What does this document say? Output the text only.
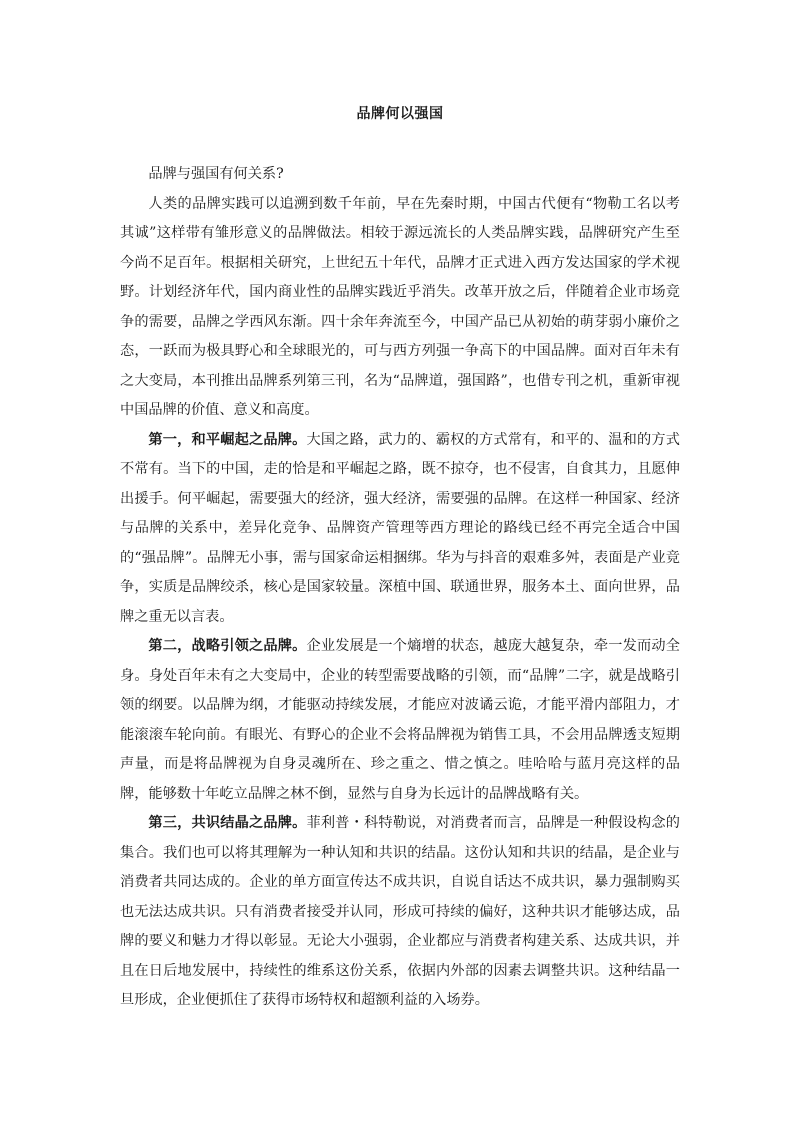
品牌何以强国

品牌与强国有何关系?

人类的品牌实践可以追溯到数千年前，早在先秦时期，中国古代便有“物勒工名以考其诚”这样带有雏形意义的品牌做法。相较于源远流长的人类品牌实践，品牌研究产生至今尚不足百年。根据相关研究，上世纪五十年代，品牌才正式进入西方发达国家的学术视野。计划经济年代，国内商业性的品牌实践近乎消失。改革开放之后，伴随着企业市场竞争的需要，品牌之学西风东渐。四十余年奔流至今，中国产品已从初始的萌芽弱小廉价之态，一跃而为极具野心和全球眼光的，可与西方列强一争高下的中国品牌。面对百年未有之大变局，本刊推出品牌系列第三刊，名为“品牌道，强国路”，也借专刊之机，重新审视中国品牌的价值、意义和高度。

第一，和平崛起之品牌。大国之路，武力的、霸权的方式常有，和平的、温和的方式不常有。当下的中国，走的恰是和平崛起之路，既不掠夺，也不侵害，自食其力，且愿伸出援手。何平崛起，需要强大的经济，强大经济，需要强的品牌。在这样一种国家、经济与品牌的关系中，差异化竞争、品牌资产管理等西方理论的路线已经不再完全适合中国的“强品牌”。品牌无小事，需与国家命运相捆绑。华为与抖音的艰难多舛，表面是产业竞争，实质是品牌绞杀，核心是国家较量。深植中国、联通世界，服务本土、面向世界，品牌之重无以言表。

第二，战略引领之品牌。企业发展是一个熵增的状态，越庞大越复杂，牵一发而动全身。身处百年未有之大变局中，企业的转型需要战略的引领，而“品牌”二字，就是战略引领的纲要。以品牌为纲，才能驱动持续发展，才能应对波谲云诡，才能平滑内部阻力，才能滚滚车轮向前。有眼光、有野心的企业不会将品牌视为销售工具，不会用品牌透支短期声量，而是将品牌视为自身灵魂所在、珍之重之、惜之慎之。哇哈哈与蓝月亮这样的品牌，能够数十年屹立品牌之林不倒，显然与自身为长远计的品牌战略有关。

第三，共识结晶之品牌。菲利普・科特勒说，对消费者而言，品牌是一种假设构念的集合。我们也可以将其理解为一种认知和共识的结晶。这份认知和共识的结晶，是企业与消费者共同达成的。企业的单方面宣传达不成共识，自说自话达不成共识，暴力强制购买也无法达成共识。只有消费者接受并认同，形成可持续的偏好，这种共识才能够达成，品牌的要义和魅力才得以彰显。无论大小强弱，企业都应与消费者构建关系、达成共识，并且在日后地发展中，持续性的维系这份关系，依据内外部的因素去调整共识。这种结晶一旦形成，企业便抓住了获得市场特权和超额利益的入场券。
